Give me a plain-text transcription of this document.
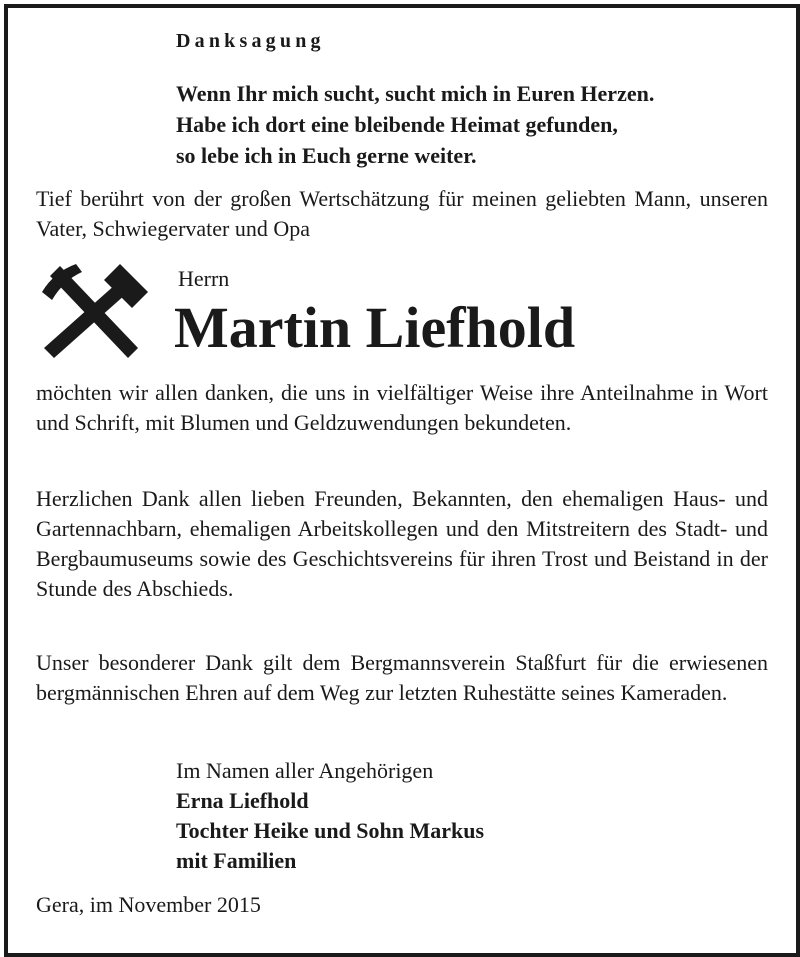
Danksagung
Wenn Ihr mich sucht, sucht mich in Euren Herzen.
Habe ich dort eine bleibende Heimat gefunden,
so lebe ich in Euch gerne weiter.

Tief berührt von der großen Wertschätzung für meinen geliebten Mann, unseren Vater, Schwiegervater und Opa

Herrn
Martin Liefhold

möchten wir allen danken, die uns in vielfältiger Weise ihre Anteilnahme in Wort und Schrift, mit Blumen und Geldzuwendungen bekundeten.

Herzlichen Dank allen lieben Freunden, Bekannten, den ehemaligen Haus- und Gartennachbarn, ehemaligen Arbeitskollegen und den Mitstreitern des Stadt- und Bergbaumuseums sowie des Geschichtsvereins für ihren Trost und Beistand in der Stunde des Abschieds.

Unser besonderer Dank gilt dem Bergmannsverein Staßfurt für die erwiesenen bergmännischen Ehren auf dem Weg zur letzten Ruhestätte seines Kameraden.

Im Namen aller Angehörigen
Erna Liefhold
Tochter Heike und Sohn Markus
mit Familien
Gera, im November 2015
